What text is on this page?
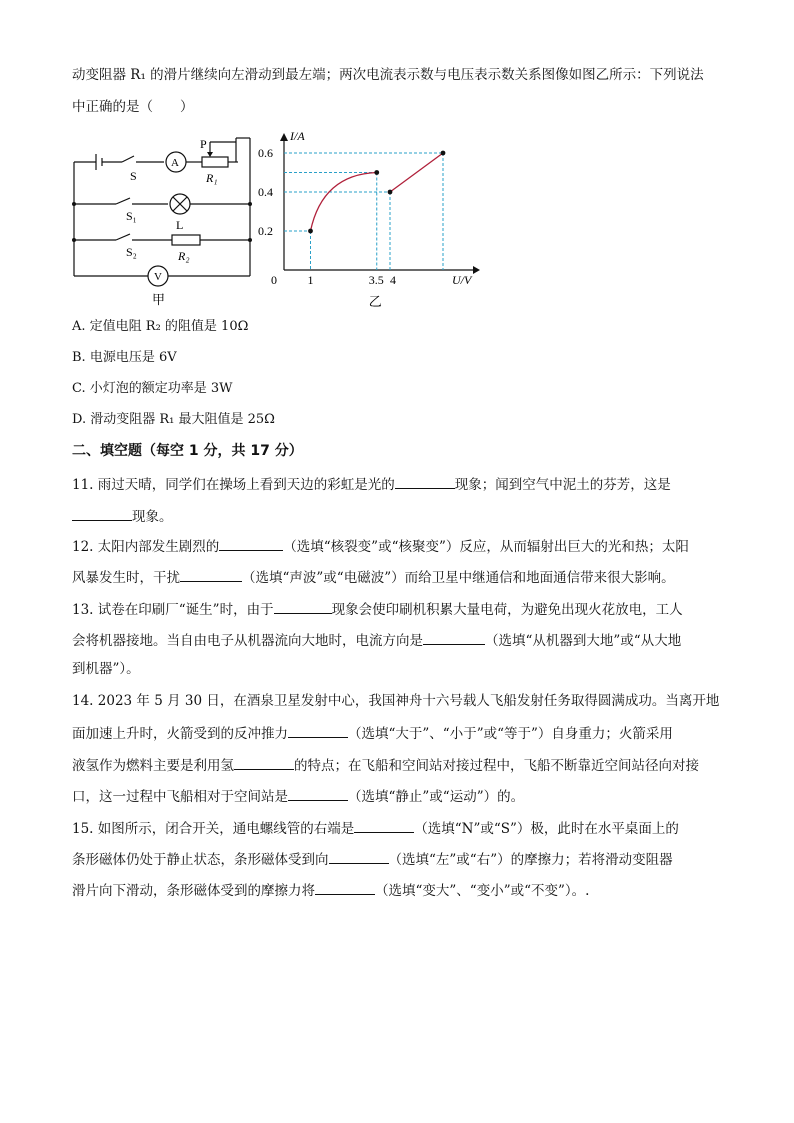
动变阻器 R₁ 的滑片继续向左滑动到最左端；两次电流表示数与电压表示数关系图像如图乙所示：下列说法
中正确的是（　　）
S
A
P
R₁
S₁
L
S₂	R₂
V
甲
1	3.5 4
0.6
0.4
0.2
0
I/A
U/V
乙
A. 定值电阻 R₂ 的阻值是 10Ω
B. 电源电压是 6V
C. 小灯泡的额定功率是 3W
D. 滑动变阻器 R₁ 最大阻值是 25Ω
二、填空题（每空 1 分，共 17 分）
11. 雨过天晴，同学们在操场上看到天边的彩虹是光的	现象；闻到空气中泥土的芬芳，这是
现象。
12. 太阳内部发生剧烈的	（选填“核裂变”或“核聚变”）反应，从而辐射出巨大的光和热；太阳
风暴发生时，干扰	（选填“声波”或“电磁波”）而给卫星中继通信和地面通信带来很大影响。
13. 试卷在印刷厂“诞生”时，由于	现象会使印刷机积累大量电荷，为避免出现火花放电，工人
会将机器接地。当自由电子从机器流向大地时，电流方向是	（选填“从机器到大地”或“从大地
到机器”）。
14. 2023 年 5 月 30 日，在酒泉卫星发射中心，我国神舟十六号载人飞船发射任务取得圆满成功。当离开地
面加速上升时，火箭受到的反冲推力	（选填“大于”、“小于”或“等于”）自身重力；火箭采用
液氢作为燃料主要是利用氢	的特点；在飞船和空间站对接过程中，飞船不断靠近空间站径向对接
口，这一过程中飞船相对于空间站是	（选填“静止”或“运动”）的。
15. 如图所示，闭合开关，通电螺线管的右端是	（选填“N”或“S”）极，此时在水平桌面上的
条形磁体仍处于静止状态，条形磁体受到向	（选填“左”或“右”）的摩擦力；若将滑动变阻器
滑片向下滑动，条形磁体受到的摩擦力将	（选填“变大”、“变小”或“不变”）。.
